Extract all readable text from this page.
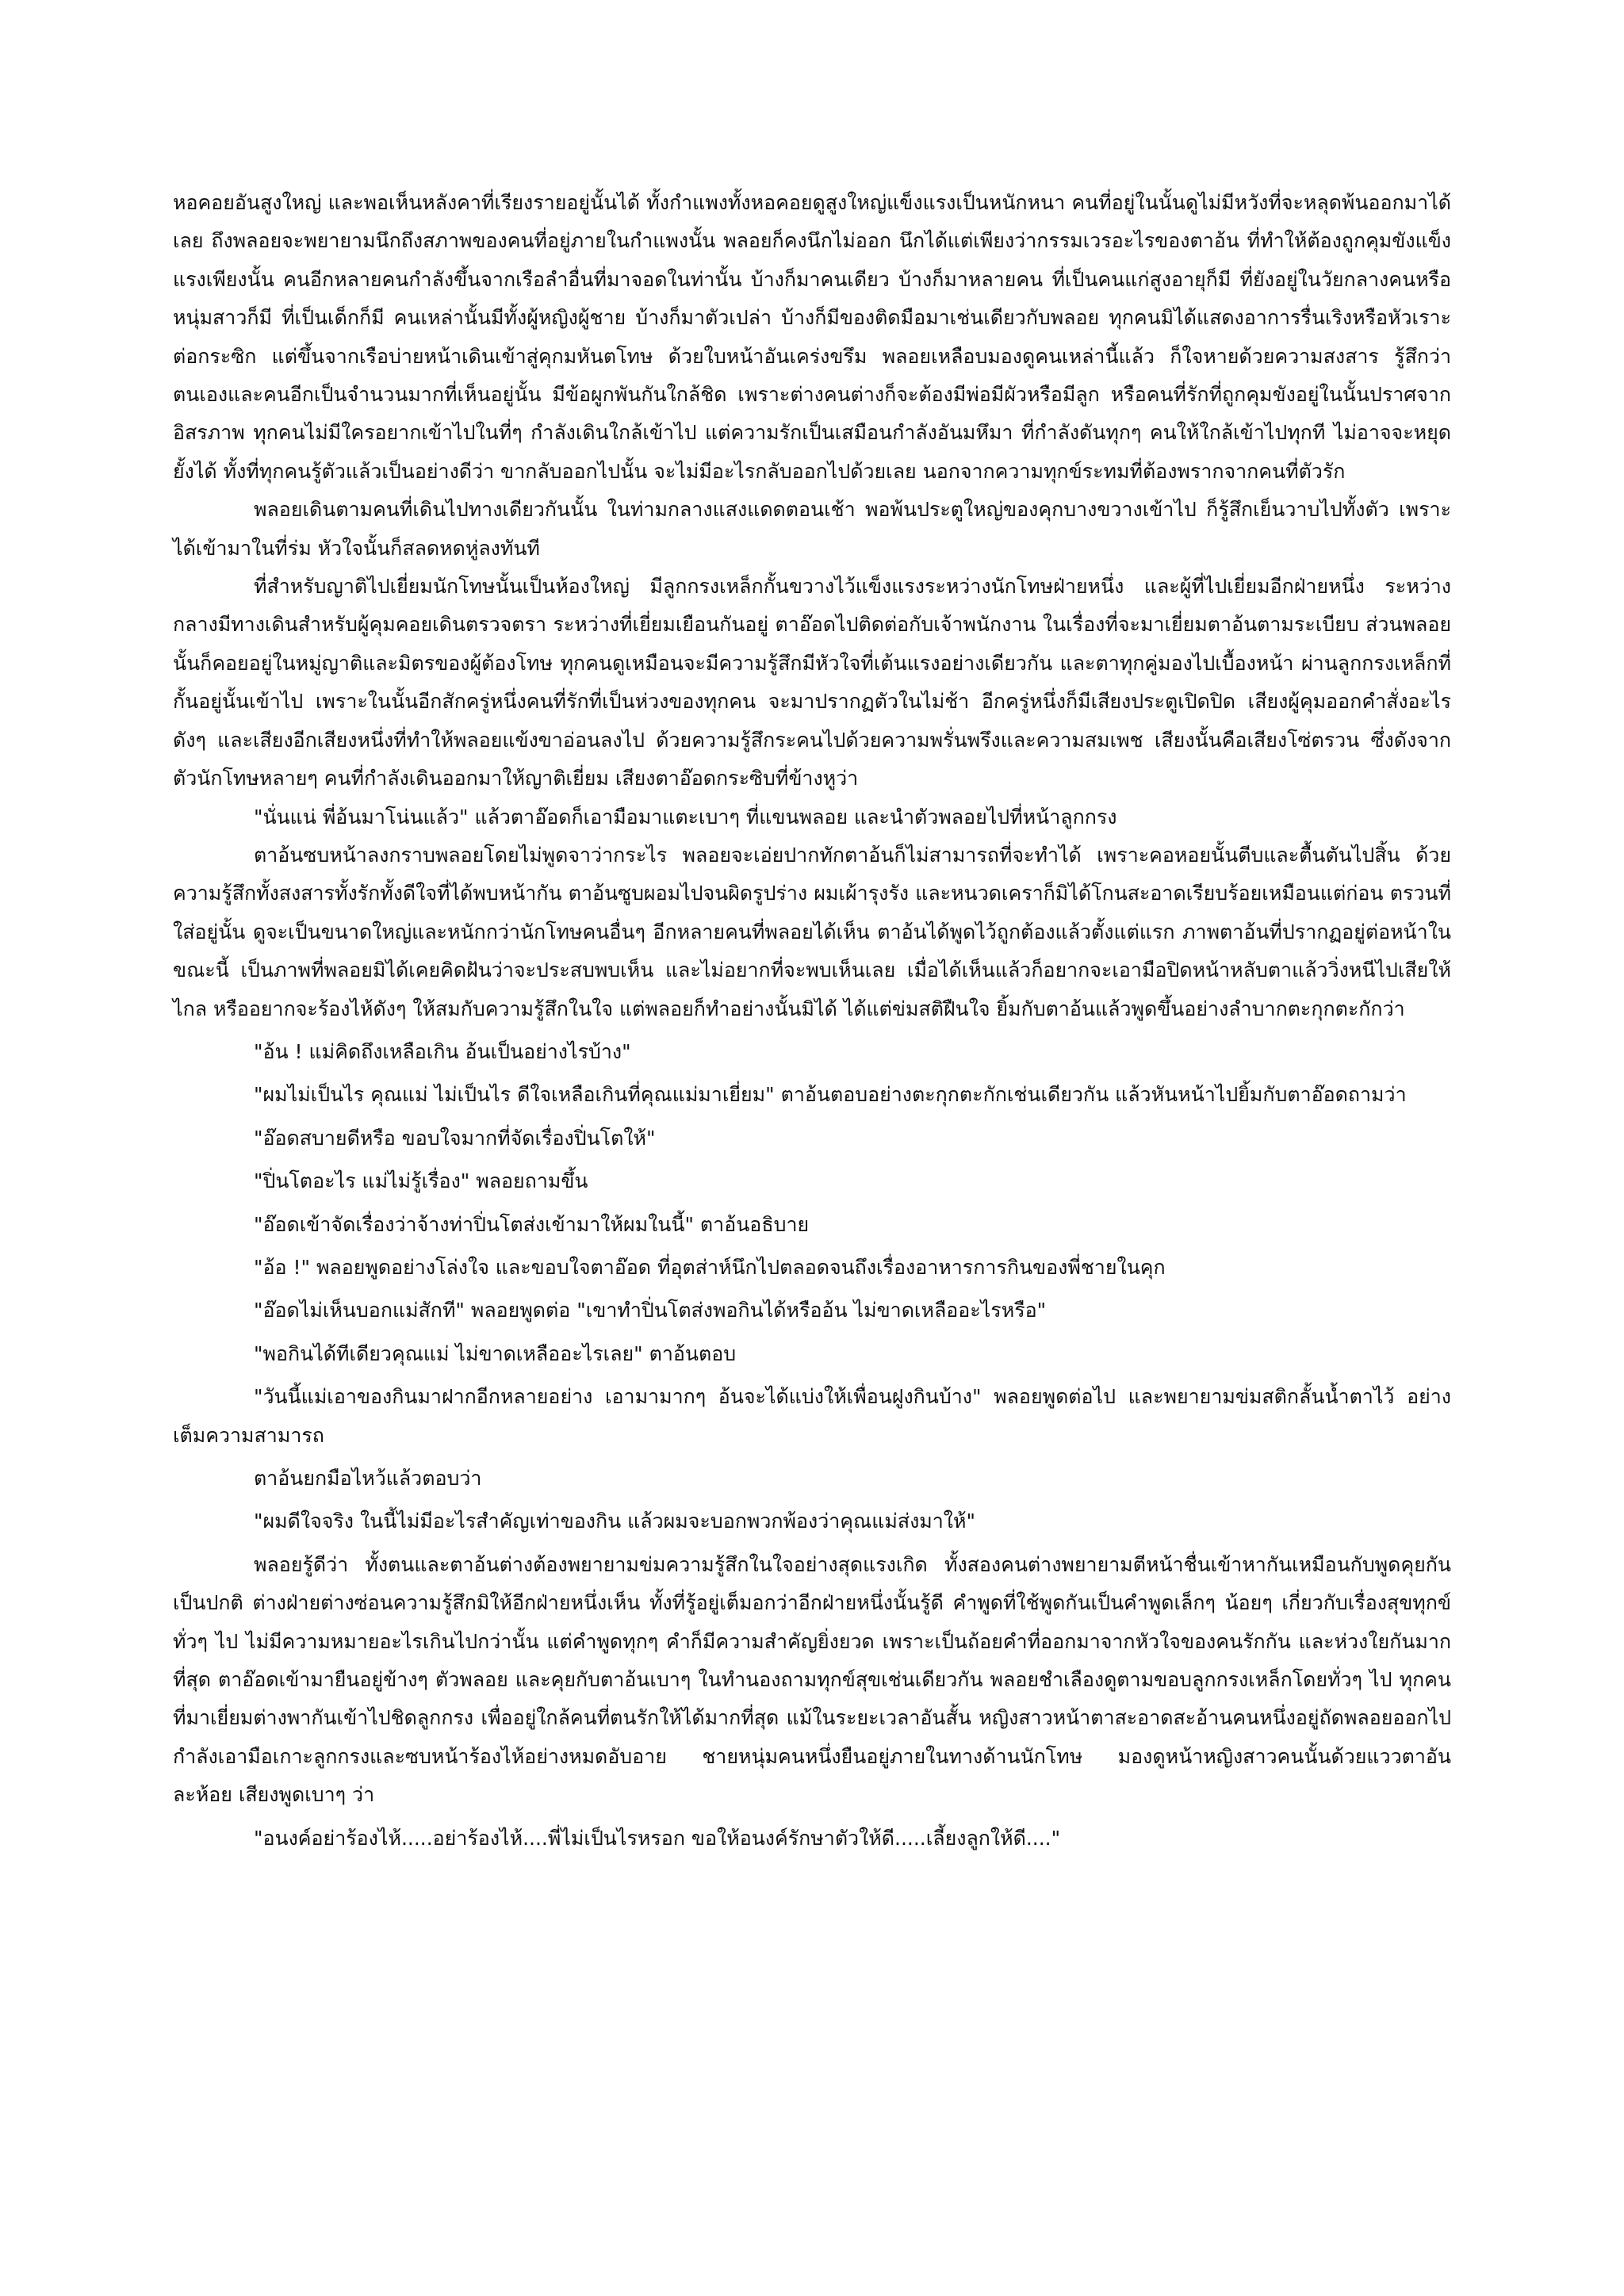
หอคอยอันสูงใหญ่ และพอเห็นหลังคาที่เรียงรายอยู่นั้นได้ ทั้งกำแพงทั้งหอคอยดูสูงใหญ่แข็งแรงเป็นหนักหนา คนที่อยู่ในนั้นดูไม่มีหวังที่จะหลุดพ้นออกมาได้เลย ถึงพลอยจะพยายามนึกถึงสภาพของคนที่อยู่ภายในกำแพงนั้น พลอยก็คงนึกไม่ออก นึกได้แต่เพียงว่ากรรมเวรอะไรของตาอ้น ที่ทำให้ต้องถูกคุมขังแข็งแรงเพียงนั้น คนอีกหลายคนกำลังขึ้นจากเรือลำอื่นที่มาจอดในท่านั้น บ้างก็มาคนเดียว บ้างก็มาหลายคน ที่เป็นคนแก่สูงอายุก็มี ที่ยังอยู่ในวัยกลางคนหรือหนุ่มสาวก็มี ที่เป็นเด็กก็มี คนเหล่านั้นมีทั้งผู้หญิงผู้ชาย บ้างก็มาตัวเปล่า บ้างก็มีของติดมือมาเช่นเดียวกับพลอย ทุกคนมิได้แสดงอาการรื่นเริงหรือหัวเราะต่อกระซิก แต่ขึ้นจากเรือบ่ายหน้าเดินเข้าสู่คุกมหันตโทษ ด้วยใบหน้าอันเคร่งขรึม พลอยเหลือบมองดูคนเหล่านี้แล้ว ก็ใจหายด้วยความสงสาร รู้สึกว่าตนเองและคนอีกเป็นจำนวนมากที่เห็นอยู่นั้น มีข้อผูกพันกันใกล้ชิด เพราะต่างคนต่างก็จะต้องมีพ่อมีผัวหรือมีลูก หรือคนที่รักที่ถูกคุมขังอยู่ในนั้นปราศจากอิสรภาพ ทุกคนไม่มีใครอยากเข้าไปในที่ๆ กำลังเดินใกล้เข้าไป แต่ความรักเป็นเสมือนกำลังอันมหึมา ที่กำลังดันทุกๆ คนให้ใกล้เข้าไปทุกที ไม่อาจจะหยุดยั้งได้ ทั้งที่ทุกคนรู้ตัวแล้วเป็นอย่างดีว่า ขากลับออกไปนั้น จะไม่มีอะไรกลับออกไปด้วยเลย นอกจากความทุกข์ระทมที่ต้องพรากจากคนที่ตัวรัก

พลอยเดินตามคนที่เดินไปทางเดียวกันนั้น ในท่ามกลางแสงแดดตอนเช้า พอพ้นประตูใหญ่ของคุกบางขวางเข้าไป ก็รู้สึกเย็นวาบไปทั้งตัว เพราะได้เข้ามาในที่ร่ม หัวใจนั้นก็สลดหดหู่ลงทันที

ที่สำหรับญาติไปเยี่ยมนักโทษนั้นเป็นห้องใหญ่ มีลูกกรงเหล็กกั้นขวางไว้แข็งแรงระหว่างนักโทษฝ่ายหนึ่ง และผู้ที่ไปเยี่ยมอีกฝ่ายหนึ่ง ระหว่างกลางมีทางเดินสำหรับผู้คุมคอยเดินตรวจตรา ระหว่างที่เยี่ยมเยือนกันอยู่ ตาอ๊อดไปติดต่อกับเจ้าพนักงาน ในเรื่องที่จะมาเยี่ยมตาอ้นตามระเบียบ ส่วนพลอยนั้นก็คอยอยู่ในหมู่ญาติและมิตรของผู้ต้องโทษ ทุกคนดูเหมือนจะมีความรู้สึกมีหัวใจที่เต้นแรงอย่างเดียวกัน และตาทุกคู่มองไปเบื้องหน้า ผ่านลูกกรงเหล็กที่กั้นอยู่นั้นเข้าไป เพราะในนั้นอีกสักครู่หนึ่งคนที่รักที่เป็นห่วงของทุกคน จะมาปรากฏตัวในไม่ช้า อีกครู่หนึ่งก็มีเสียงประตูเปิดปิด เสียงผู้คุมออกคำสั่งอะไรดังๆ และเสียงอีกเสียงหนึ่งที่ทำให้พลอยแข้งขาอ่อนลงไป ด้วยความรู้สึกระคนไปด้วยความพรั่นพรึงและความสมเพช เสียงนั้นคือเสียงโซ่ตรวน ซึ่งดังจากตัวนักโทษหลายๆ คนที่กำลังเดินออกมาให้ญาติเยี่ยม เสียงตาอ๊อดกระซิบที่ข้างหูว่า

"นั่นแน่ พี่อ้นมาโน่นแล้ว" แล้วตาอ๊อดก็เอามือมาแตะเบาๆ ที่แขนพลอย และนำตัวพลอยไปที่หน้าลูกกรง

ตาอ้นซบหน้าลงกราบพลอยโดยไม่พูดจาว่ากระไร พลอยจะเอ่ยปากทักตาอ้นก็ไม่สามารถที่จะทำได้ เพราะคอหอยนั้นตีบและตื้นตันไปสิ้น ด้วยความรู้สึกทั้งสงสารทั้งรักทั้งดีใจที่ได้พบหน้ากัน ตาอ้นซูบผอมไปจนผิดรูปร่าง ผมเผ้ารุงรัง และหนวดเคราก็มิได้โกนสะอาดเรียบร้อยเหมือนแต่ก่อน ตรวนที่ใส่อยู่นั้น ดูจะเป็นขนาดใหญ่และหนักกว่านักโทษคนอื่นๆ อีกหลายคนที่พลอยได้เห็น ตาอ้นได้พูดไว้ถูกต้องแล้วตั้งแต่แรก ภาพตาอ้นที่ปรากฏอยู่ต่อหน้าในขณะนี้ เป็นภาพที่พลอยมิได้เคยคิดฝันว่าจะประสบพบเห็น และไม่อยากที่จะพบเห็นเลย เมื่อได้เห็นแล้วก็อยากจะเอามือปิดหน้าหลับตาแล้ววิ่งหนีไปเสียให้ไกล หรืออยากจะร้องไห้ดังๆ ให้สมกับความรู้สึกในใจ แต่พลอยก็ทำอย่างนั้นมิได้ ได้แต่ข่มสติฝืนใจ ยิ้มกับตาอ้นแล้วพูดขึ้นอย่างลำบากตะกุกตะกักว่า

"อ้น ! แม่คิดถึงเหลือเกิน อ้นเป็นอย่างไรบ้าง"

"ผมไม่เป็นไร คุณแม่ ไม่เป็นไร ดีใจเหลือเกินที่คุณแม่มาเยี่ยม" ตาอ้นตอบอย่างตะกุกตะกักเช่นเดียวกัน แล้วหันหน้าไปยิ้มกับตาอ๊อดถามว่า

"อ๊อดสบายดีหรือ ขอบใจมากที่จัดเรื่องปิ่นโตให้"

"ปิ่นโตอะไร แม่ไม่รู้เรื่อง" พลอยถามขึ้น

"อ๊อดเข้าจัดเรื่องว่าจ้างท่าปิ่นโตส่งเข้ามาให้ผมในนี้" ตาอ้นอธิบาย

"อ้อ !" พลอยพูดอย่างโล่งใจ และขอบใจตาอ๊อด ที่อุตส่าห์นึกไปตลอดจนถึงเรื่องอาหารการกินของพี่ชายในคุก

"อ๊อดไม่เห็นบอกแม่สักที" พลอยพูดต่อ "เขาทำปิ่นโตส่งพอกินได้หรืออ้น ไม่ขาดเหลืออะไรหรือ"

"พอกินได้ทีเดียวคุณแม่ ไม่ขาดเหลืออะไรเลย" ตาอ้นตอบ

"วันนี้แม่เอาของกินมาฝากอีกหลายอย่าง เอามามากๆ อ้นจะได้แบ่งให้เพื่อนฝูงกินบ้าง" พลอยพูดต่อไป และพยายามข่มสติกลั้นน้ำตาไว้ อย่างเต็มความสามารถ

ตาอ้นยกมือไหว้แล้วตอบว่า

"ผมดีใจจริง ในนี้ไม่มีอะไรสำคัญเท่าของกิน แล้วผมจะบอกพวกพ้องว่าคุณแม่ส่งมาให้"

พลอยรู้ดีว่า ทั้งตนและตาอ้นต่างต้องพยายามข่มความรู้สึกในใจอย่างสุดแรงเกิด ทั้งสองคนต่างพยายามตีหน้าชื่นเข้าหากันเหมือนกับพูดคุยกันเป็นปกติ ต่างฝ่ายต่างซ่อนความรู้สึกมิให้อีกฝ่ายหนึ่งเห็น ทั้งที่รู้อยู่เต็มอกว่าอีกฝ่ายหนึ่งนั้นรู้ดี คำพูดที่ใช้พูดกันเป็นคำพูดเล็กๆ น้อยๆ เกี่ยวกับเรื่องสุขทุกข์ทั่วๆ ไป ไม่มีความหมายอะไรเกินไปกว่านั้น แต่คำพูดทุกๆ คำก็มีความสำคัญยิ่งยวด เพราะเป็นถ้อยคำที่ออกมาจากหัวใจของคนรักกัน และห่วงใยกันมากที่สุด ตาอ๊อดเข้ามายืนอยู่ข้างๆ ตัวพลอย และคุยกับตาอ้นเบาๆ ในทำนองถามทุกข์สุขเช่นเดียวกัน พลอยชำเลืองดูตามขอบลูกกรงเหล็กโดยทั่วๆ ไป ทุกคนที่มาเยี่ยมต่างพากันเข้าไปชิดลูกกรง เพื่ออยู่ใกล้คนที่ตนรักให้ได้มากที่สุด แม้ในระยะเวลาอันสั้น หญิงสาวหน้าตาสะอาดสะอ้านคนหนึ่งอยู่ถัดพลอยออกไป กำลังเอามือเกาะลูกกรงและซบหน้าร้องไห้อย่างหมดอับอาย ชายหนุ่มคนหนึ่งยืนอยู่ภายในทางด้านนักโทษ มองดูหน้าหญิงสาวคนนั้นด้วยแววตาอันละห้อย เสียงพูดเบาๆ ว่า

"อนงค์อย่าร้องไห้.....อย่าร้องไห้....พี่ไม่เป็นไรหรอก ขอให้อนงค์รักษาตัวให้ดี.....เลี้ยงลูกให้ดี...."
